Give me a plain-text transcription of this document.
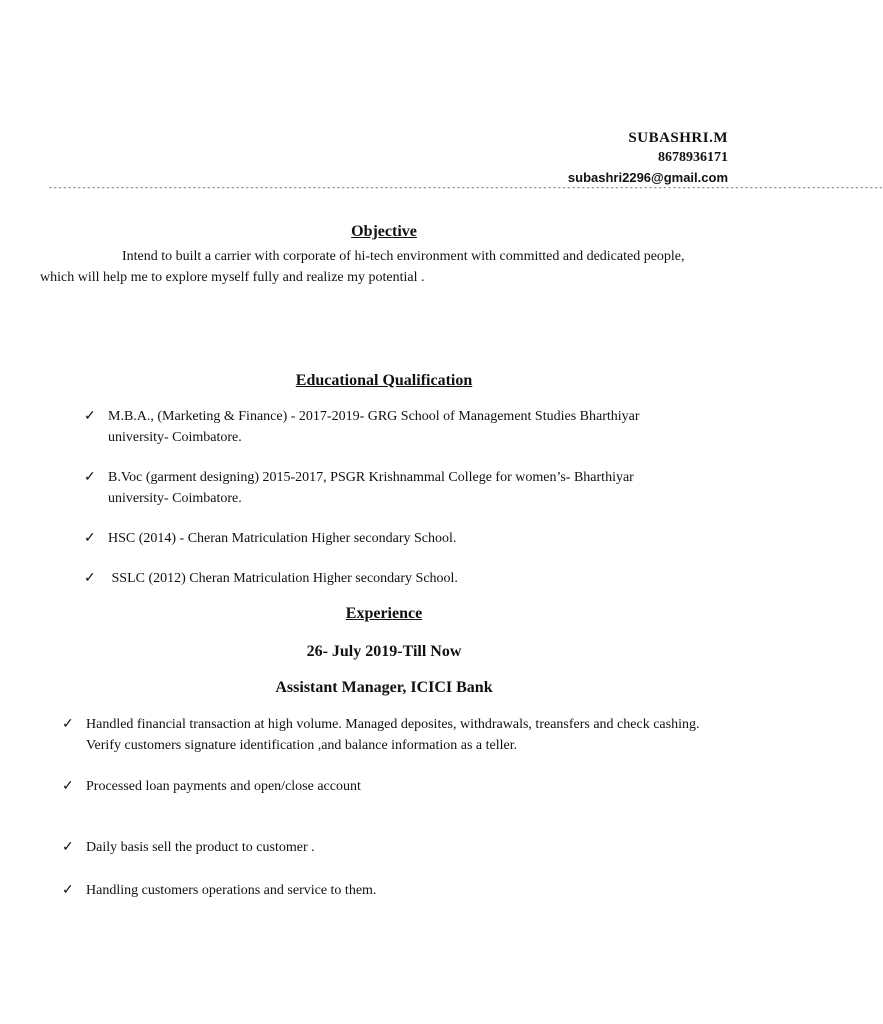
SUBASHRI.M
8678936171
subashri2296@gmail.com
------------------------------------------------------------------------------------------------------------------------------------------------------------------------------
Objective
Intend to built a carrier with corporate of hi-tech environment with committed and dedicated people, which will help me to explore myself fully and realize my potential .
Educational Qualification
✓ M.B.A., (Marketing & Finance) - 2017-2019- GRG School of Management Studies Bharthiyar university- Coimbatore.
✓ B.Voc (garment designing) 2015-2017, PSGR Krishnammal College for women’s- Bharthiyar university- Coimbatore.
✓ HSC (2014) - Cheran Matriculation Higher secondary School.
✓ SSLC (2012) Cheran Matriculation Higher secondary School.
Experience
26- July 2019-Till Now
Assistant Manager, ICICI Bank
✓ Handled financial transaction at high volume. Managed deposites, withdrawals, treansfers and check cashing. Verify customers signature identification ,and balance information as a teller.
✓ Processed loan payments and open/close account
✓ Daily basis sell the product to customer .
✓ Handling customers operations and service to them.
